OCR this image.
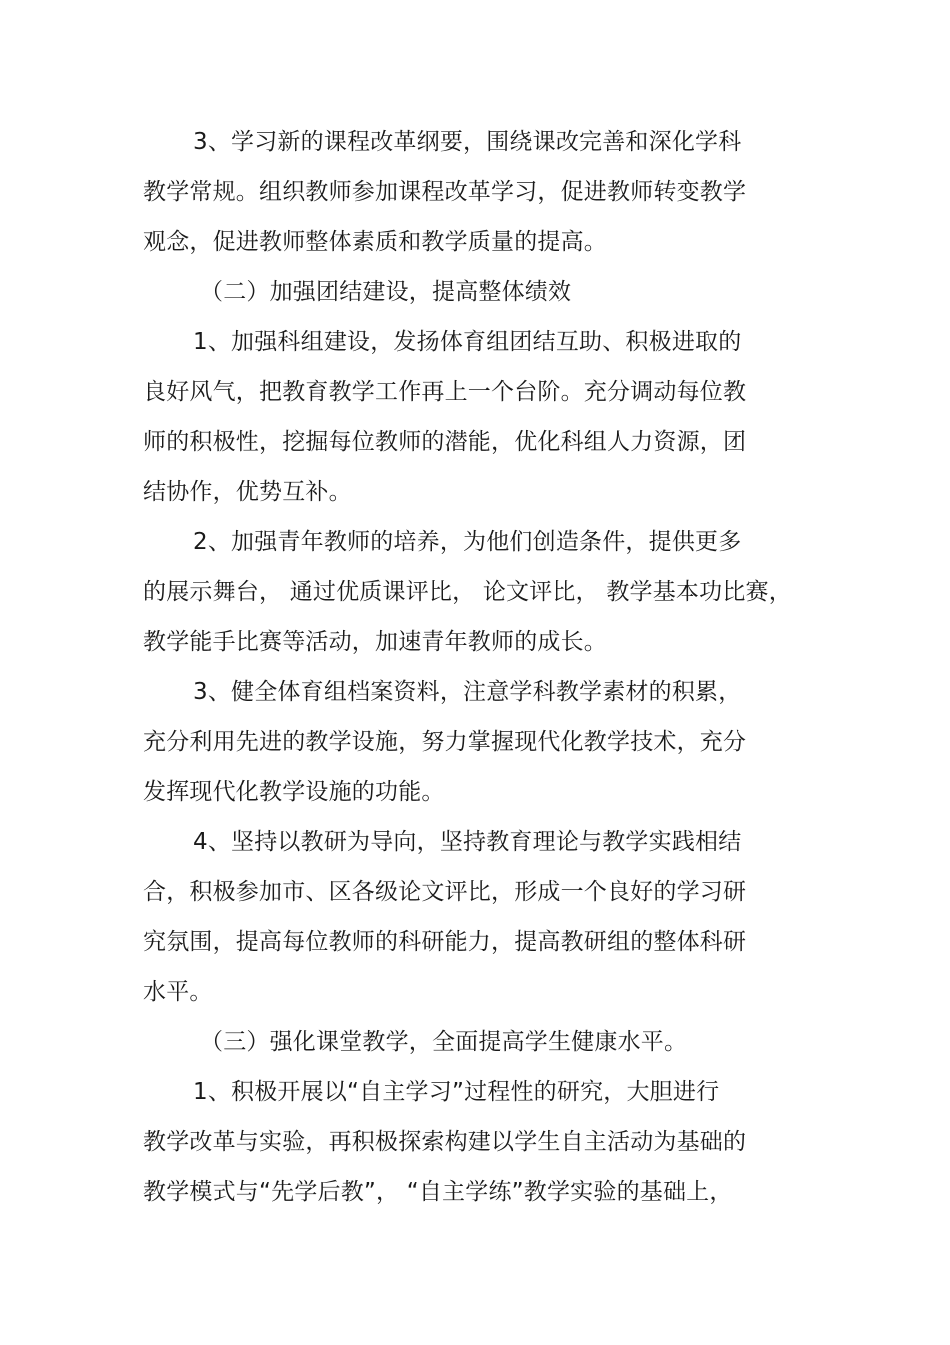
3、学习新的课程改革纲要，围绕课改完善和深化学科
教学常规。组织教师参加课程改革学习，促进教师转变教学
观念，促进教师整体素质和教学质量的提高。
（二）加强团结建设，提高整体绩效
1、加强科组建设，发扬体育组团结互助、积极进取的
良好风气，把教育教学工作再上一个台阶。充分调动每位教
师的积极性，挖掘每位教师的潜能，优化科组人力资源，团
结协作，优势互补。
2、加强青年教师的培养，为他们创造条件，提供更多
的展示舞台， 通过优质课评比， 论文评比， 教学基本功比赛，
教学能手比赛等活动，加速青年教师的成长。
3、健全体育组档案资料，注意学科教学素材的积累，
充分利用先进的教学设施，努力掌握现代化教学技术，充分
发挥现代化教学设施的功能。
4、坚持以教研为导向，坚持教育理论与教学实践相结
合，积极参加市、区各级论文评比，形成一个良好的学习研
究氛围，提高每位教师的科研能力，提高教研组的整体科研
水平。
（三）强化课堂教学，全面提高学生健康水平。
1、积极开展以“自主学习”过程性的研究，大胆进行
教学改革与实验，再积极探索构建以学生自主活动为基础的
教学模式与“先学后教”， “自主学练”教学实验的基础上，
